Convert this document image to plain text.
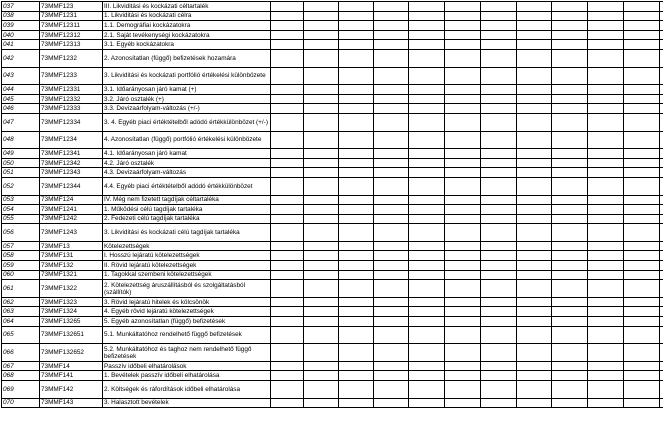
037	73MMF123	III. Likviditási és kockázati céltartalék												
038	73MMF1231	1. Likviditási és kockázati célra												
039	73MMF12311	1.1. Demográfiai kockázatokra												
040	73MMF12312	2.1. Saját tevékenységi kockázatokra												
041	73MMF12313	3.1. Egyéb kockázatokra												
042	73MMF1232	2. Azonosítatlan (függő) befizetések hozamára												
043	73MMF1233	3. Likviditási és kockázati portfólió értékelési különbözete												
044	73MMF12331	3.1. Időarányosan járó kamat (+)												
045	73MMF12332	3.2. Járó osztalék (+)												
046	73MMF12333	3.3. Devizaárfolyam-változás (+/-)												
047	73MMF12334	3. 4. Egyéb piaci értéktételből adódó értékkülönbözet (+/-)												
048	73MMF1234	4. Azonosítatlan (függő) portfólió értékelési különbözete												
049	73MMF12341	4.1. Időarányosan járó kamat												
050	73MMF12342	4.2. Járó osztalék												
051	73MMF12343	4.3. Devizaárfolyam-változás												
052	73MMF12344	4.4. Egyéb piaci értéktételből adódó értékkülönbözet												
053	73MMF124	IV. Még nem fizetett tagdíjak céltartaléka												
054	73MMF1241	1. Működési célú tagdíjak tartaléka												
055	73MMF1242	2. Fedezeti célú tagdíjak tartaléka												
056	73MMF1243	3. Likviditási és kockázati célú tagdíjak tartaléka												
057	73MMF13	Kötelezettségek												
058	73MMF131	I. Hosszú lejáratú kötelezettségek												
059	73MMF132	II. Rövid lejáratú kötelezettségek												
060	73MMF1321	1. Tagokkal szembeni kötelezettségek												
061	73MMF1322	2. Kötelezettség áruszállításból és szolgáltatásból (szállítók)												
062	73MMF1323	3. Rövid lejáratú hitelek és kölcsönök												
063	73MMF1324	4. Egyéb rövid lejáratú kötelezettségek												
064	73MMF13265	5. Egyéb azonosítatlan (függő) befizetések												
065	73MMF132651	5.1. Munkáltatóhoz rendelhető függő befizetések												
066	73MMF132652	5.2. Munkáltatóhoz és taghoz nem rendelhető függő befizetések												
067	73MMF14	Passzív időbeli elhatárolások												
068	73MMF141	1. Bevételek passzív időbeli elhatárolása												
069	73MMF142	2. Költségek és ráfordítások időbeli elhatárolása												
070	73MMF143	3. Halasztott bevételek												
